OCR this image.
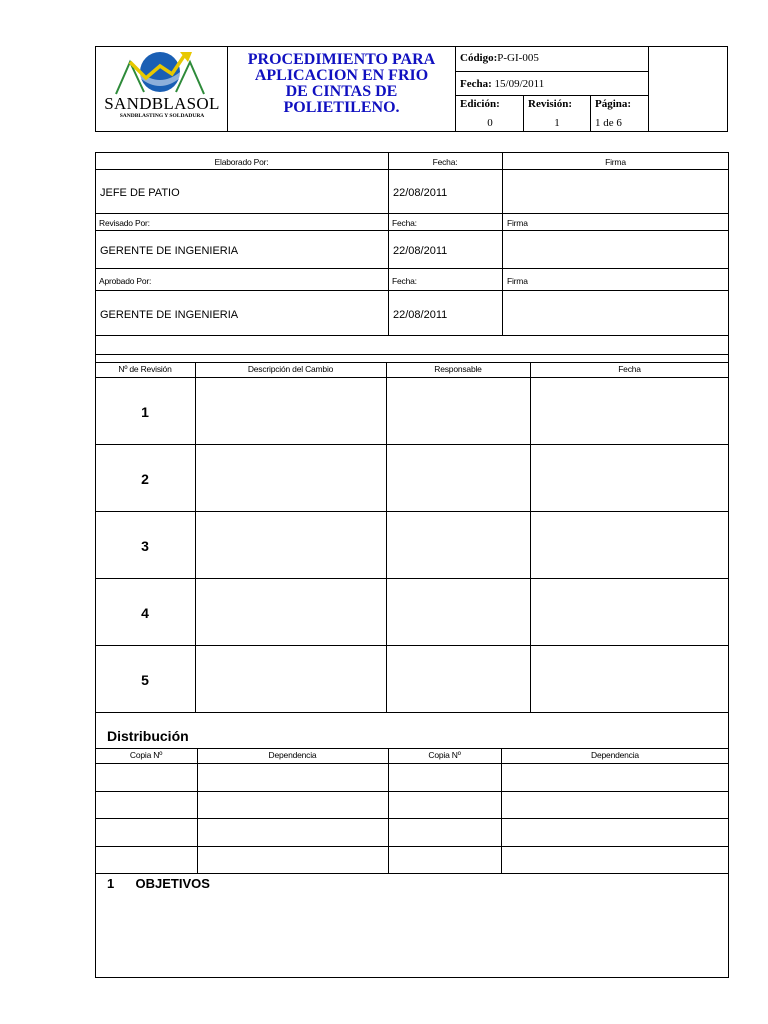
SANDBLASOL
SANDBLASTING Y SOLDADURA
PROCEDIMIENTO PARA
APLICACION EN FRIO
DE CINTAS DE
POLIETILENO.
Código:P-GI-005
Fecha: 15/09/2011
Edición:
0
Revisión:
1
Página:
1 de 6
Elaborado Por:	Fecha:	Firma
JEFE DE PATIO	22/08/2011
Revisado Por:	Fecha:	Firma
GERENTE DE INGENIERIA	22/08/2011
Aprobado Por:	Fecha:	Firma
GERENTE DE INGENIERIA	22/08/2011
Nº de Revisión	Descripción del Cambio	Responsable	Fecha
1
2
3
4
5
Distribución
Copia Nº	Dependencia	Copia Nº	Dependencia
1 OBJETIVOS
